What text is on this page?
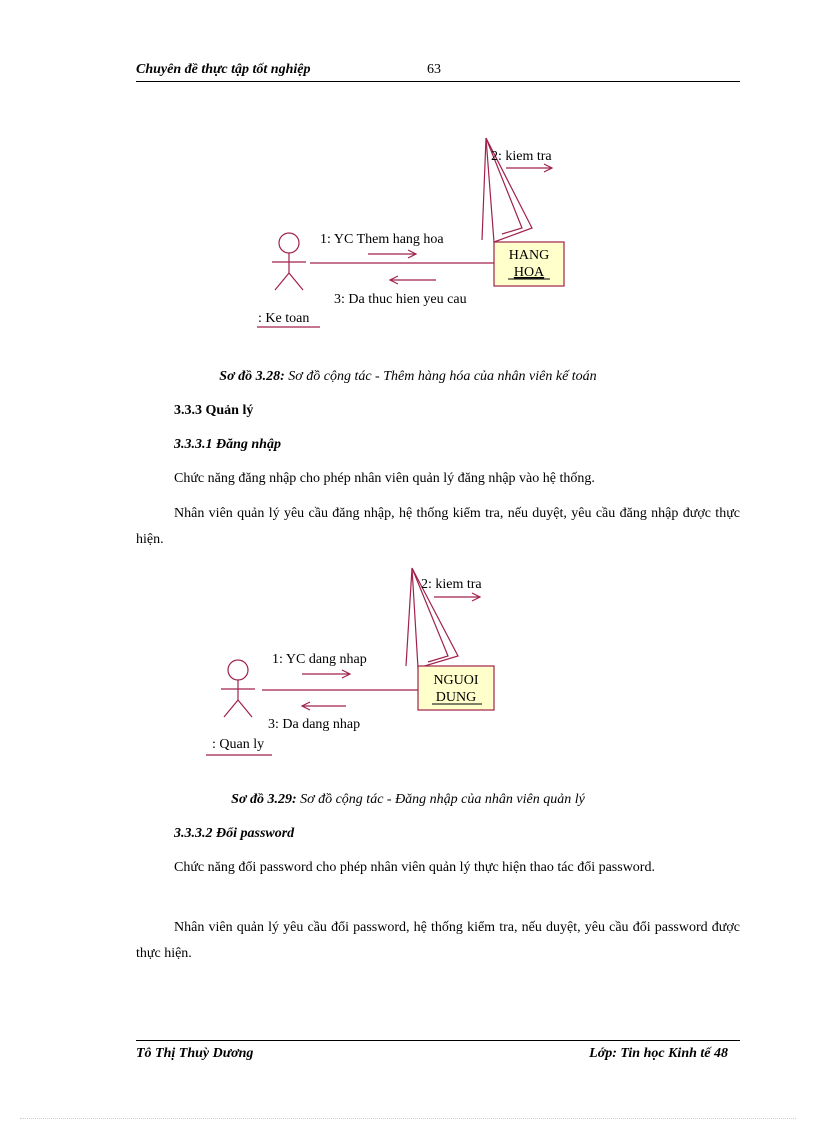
Chuyên đề thực tập tốt nghiệp	63
HANG
HOA
1: YC Them hang hoa
2: kiem tra
3: Da thuc hien yeu cau
: Ke toan
Sơ đồ 3.28: Sơ đồ cộng tác - Thêm hàng hóa của nhân viên kế toán
3.3.3 Quản lý
3.3.3.1 Đăng nhập
Chức năng đăng nhập cho phép nhân viên quản lý đăng nhập vào hệ thống.
Nhân viên quản lý yêu cầu đăng nhập, hệ thống kiểm tra, nếu duyệt, yêu cầu đăng nhập được thực hiện.
NGUOI
DUNG
1: YC dang nhap
2: kiem tra
3: Da dang nhap
: Quan ly
Sơ đồ 3.29: Sơ đồ cộng tác - Đăng nhập của nhân viên quản lý
3.3.3.2 Đổi password
Chức năng đổi password cho phép nhân viên quản lý thực hiện thao tác đổi password.
Nhân viên quản lý yêu cầu đổi password, hệ thống kiểm tra, nếu duyệt, yêu cầu đổi password được thực hiện.
Tô Thị Thuỳ Dương	Lớp: Tin học Kinh tế 48
